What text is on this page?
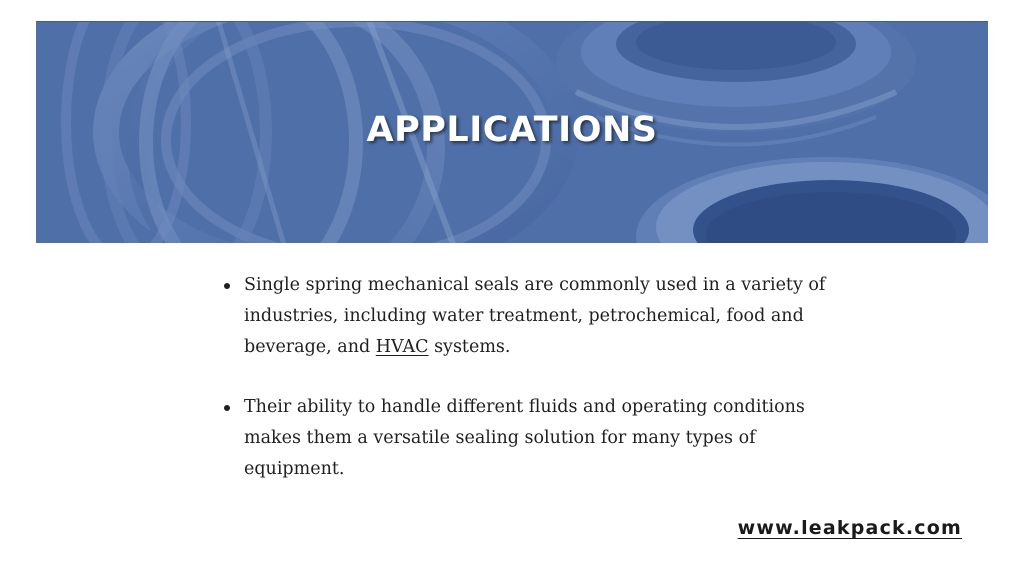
APPLICATIONS
Single spring mechanical seals are commonly used in a variety of industries, including water treatment, petrochemical, food and beverage, and HVAC systems.
Their ability to handle different fluids and operating conditions makes them a versatile sealing solution for many types of equipment.
www.leakpack.com
